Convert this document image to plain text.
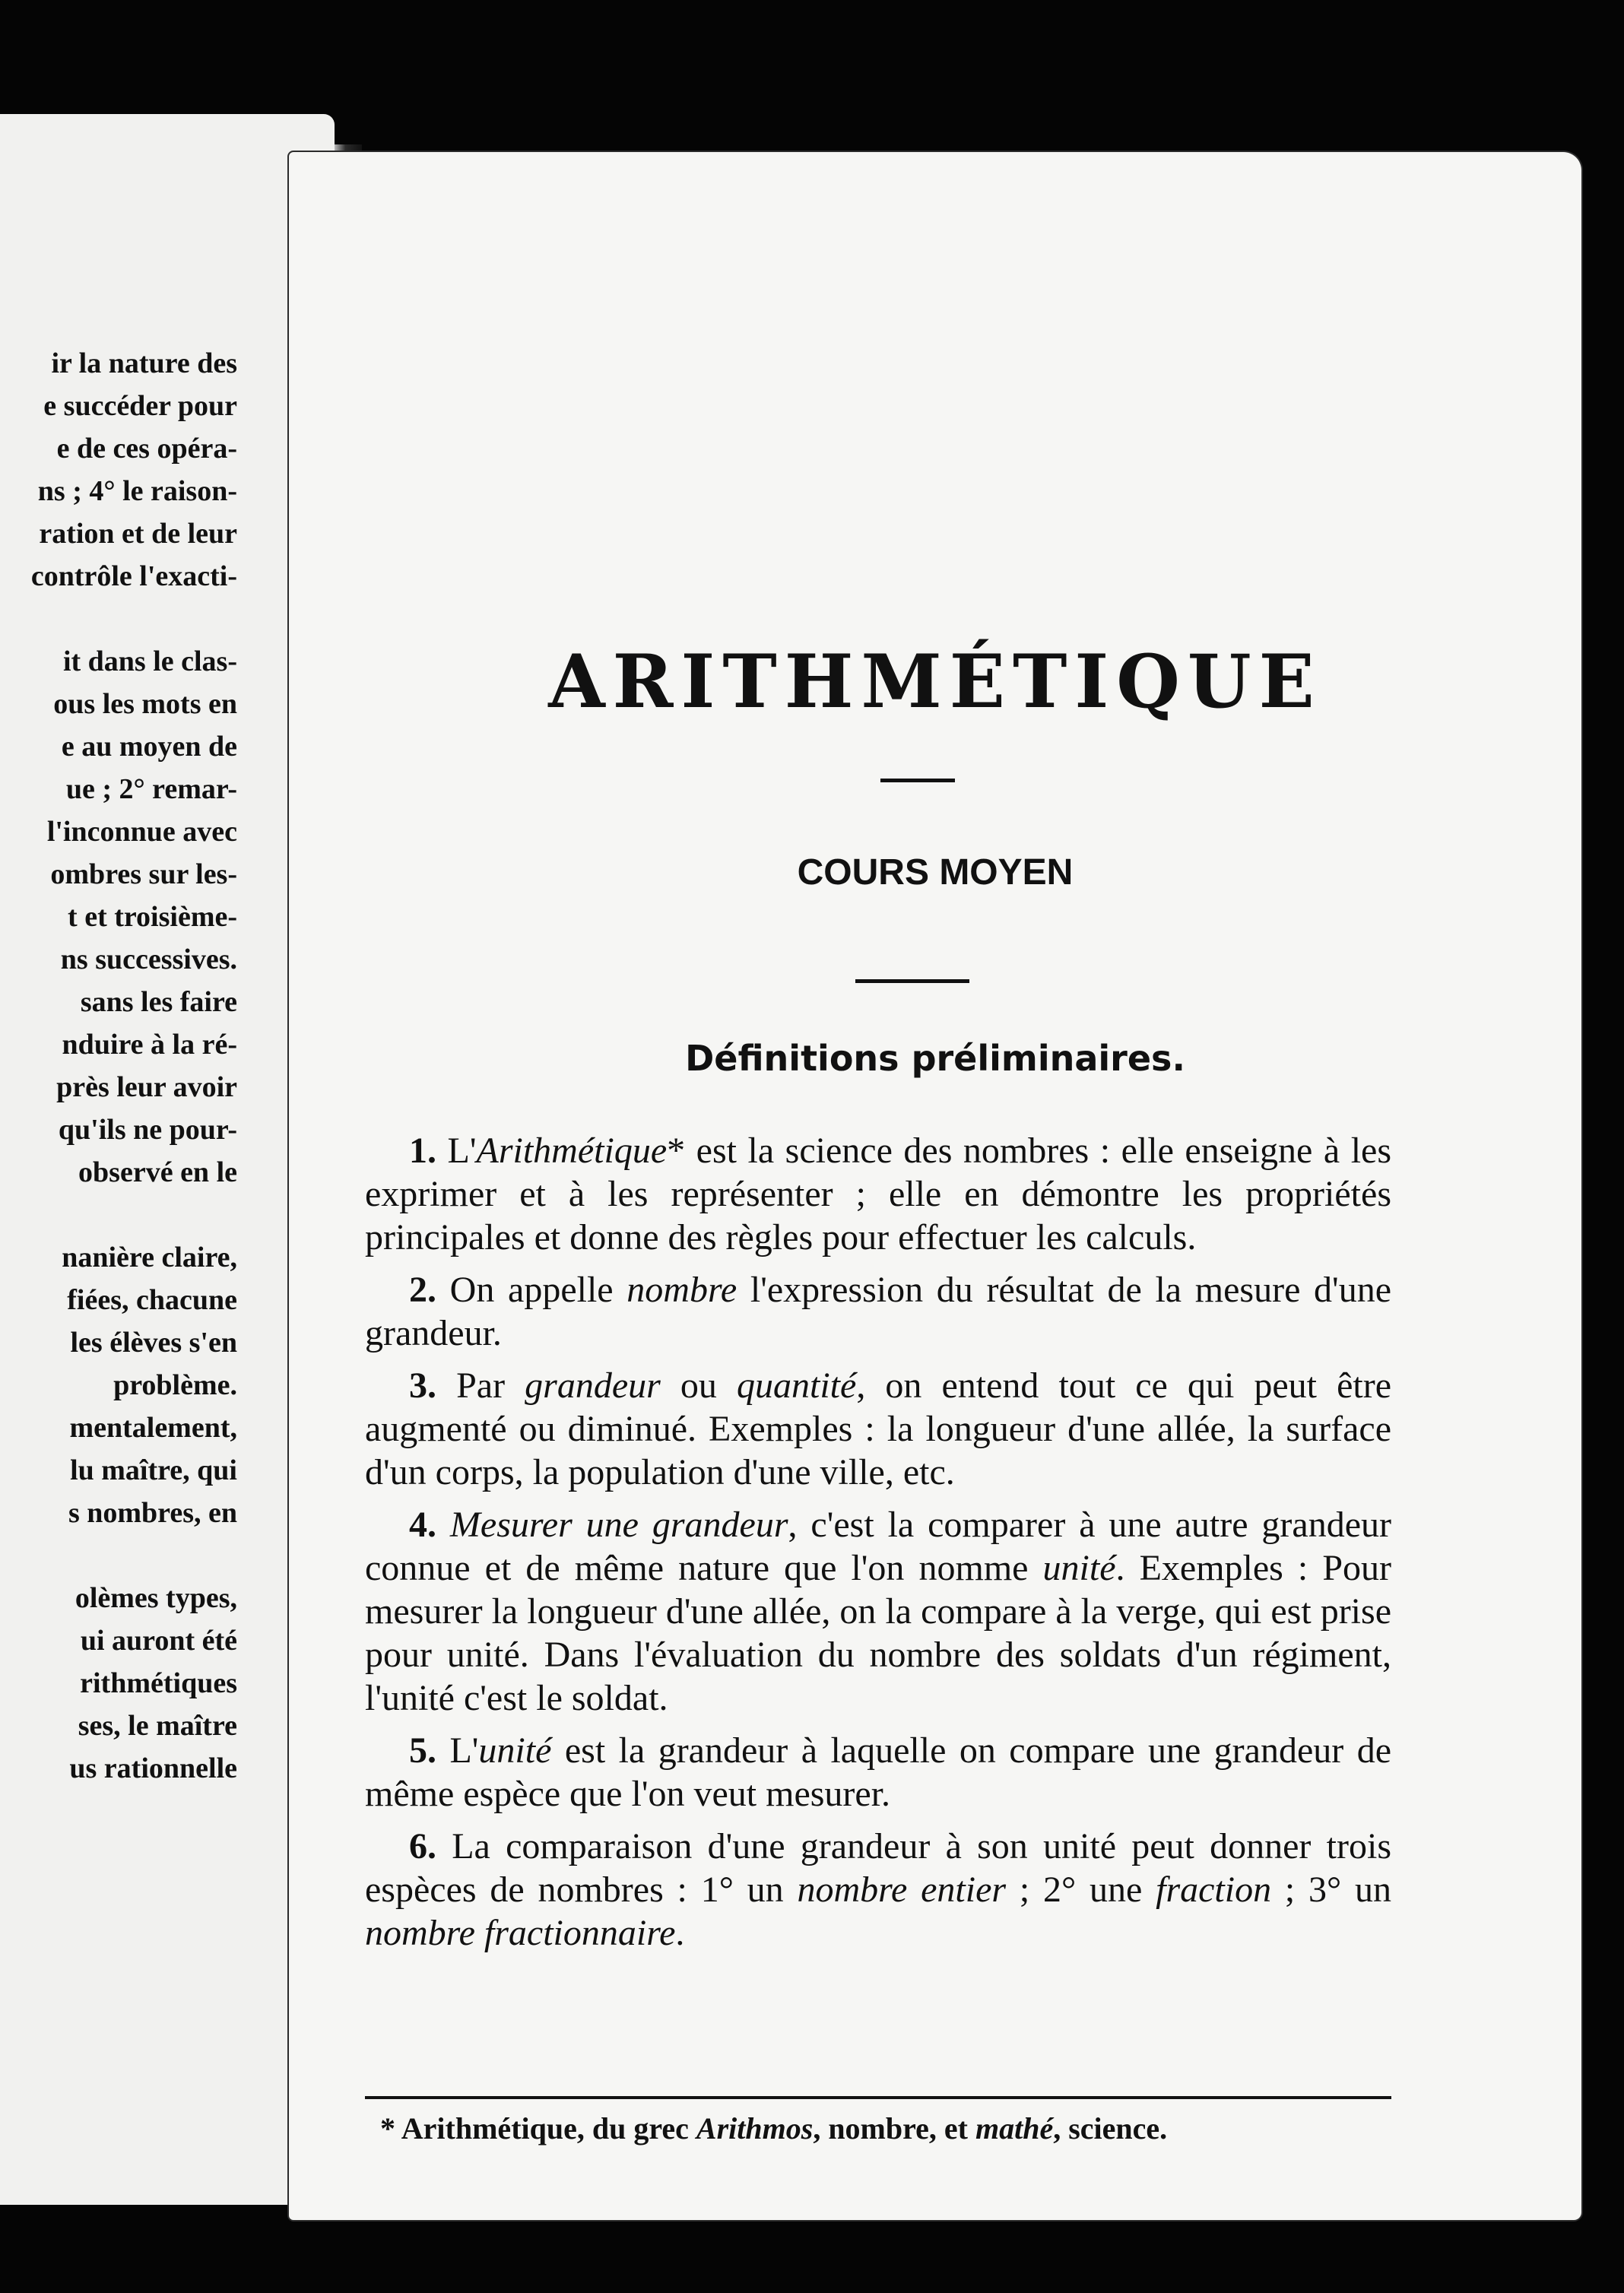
ir la nature des
e succéder pour
e de ces opéra-
ns ; 4° le raison-
ration et de leur
contrôle l'exacti-
it dans le clas-
ous les mots en
e au moyen de
ue ; 2° remar-
l'inconnue avec
ombres sur les-
t et troisième-
ns successives.
sans les faire
nduire à la ré-
près leur avoir
qu'ils ne pour-
observé en le
nanière claire,
fiées, chacune
les élèves s'en
problème.
mentalement,
lu maître, qui
s nombres, en
olèmes types,
ui auront été
rithmétiques
ses, le maître
us rationnelle
ARITHMÉTIQUE
COURS MOYEN
Définitions préliminaires.

1. L'Arithmétique* est la science des nombres : elle enseigne à les exprimer et à les représenter ; elle en démontre les propriétés principales et donne des règles pour effectuer les calculs.

2. On appelle nombre l'expression du résultat de la mesure d'une grandeur.

3. Par grandeur ou quantité, on entend tout ce qui peut être augmenté ou diminué. Exemples : la longueur d'une allée, la surface d'un corps, la population d'une ville, etc.

4. Mesurer une grandeur, c'est la comparer à une autre grandeur connue et de même nature que l'on nomme unité. Exemples : Pour mesurer la longueur d'une allée, on la compare à la verge, qui est prise pour unité. Dans l'évaluation du nombre des soldats d'un régiment, l'unité c'est le soldat.

5. L'unité est la grandeur à laquelle on compare une grandeur de même espèce que l'on veut mesurer.

6. La comparaison d'une grandeur à son unité peut donner trois espèces de nombres : 1° un nombre entier ; 2° une fraction ; 3° un nombre fractionnaire.

* Arithmétique, du grec Arithmos, nombre, et mathé, science.
